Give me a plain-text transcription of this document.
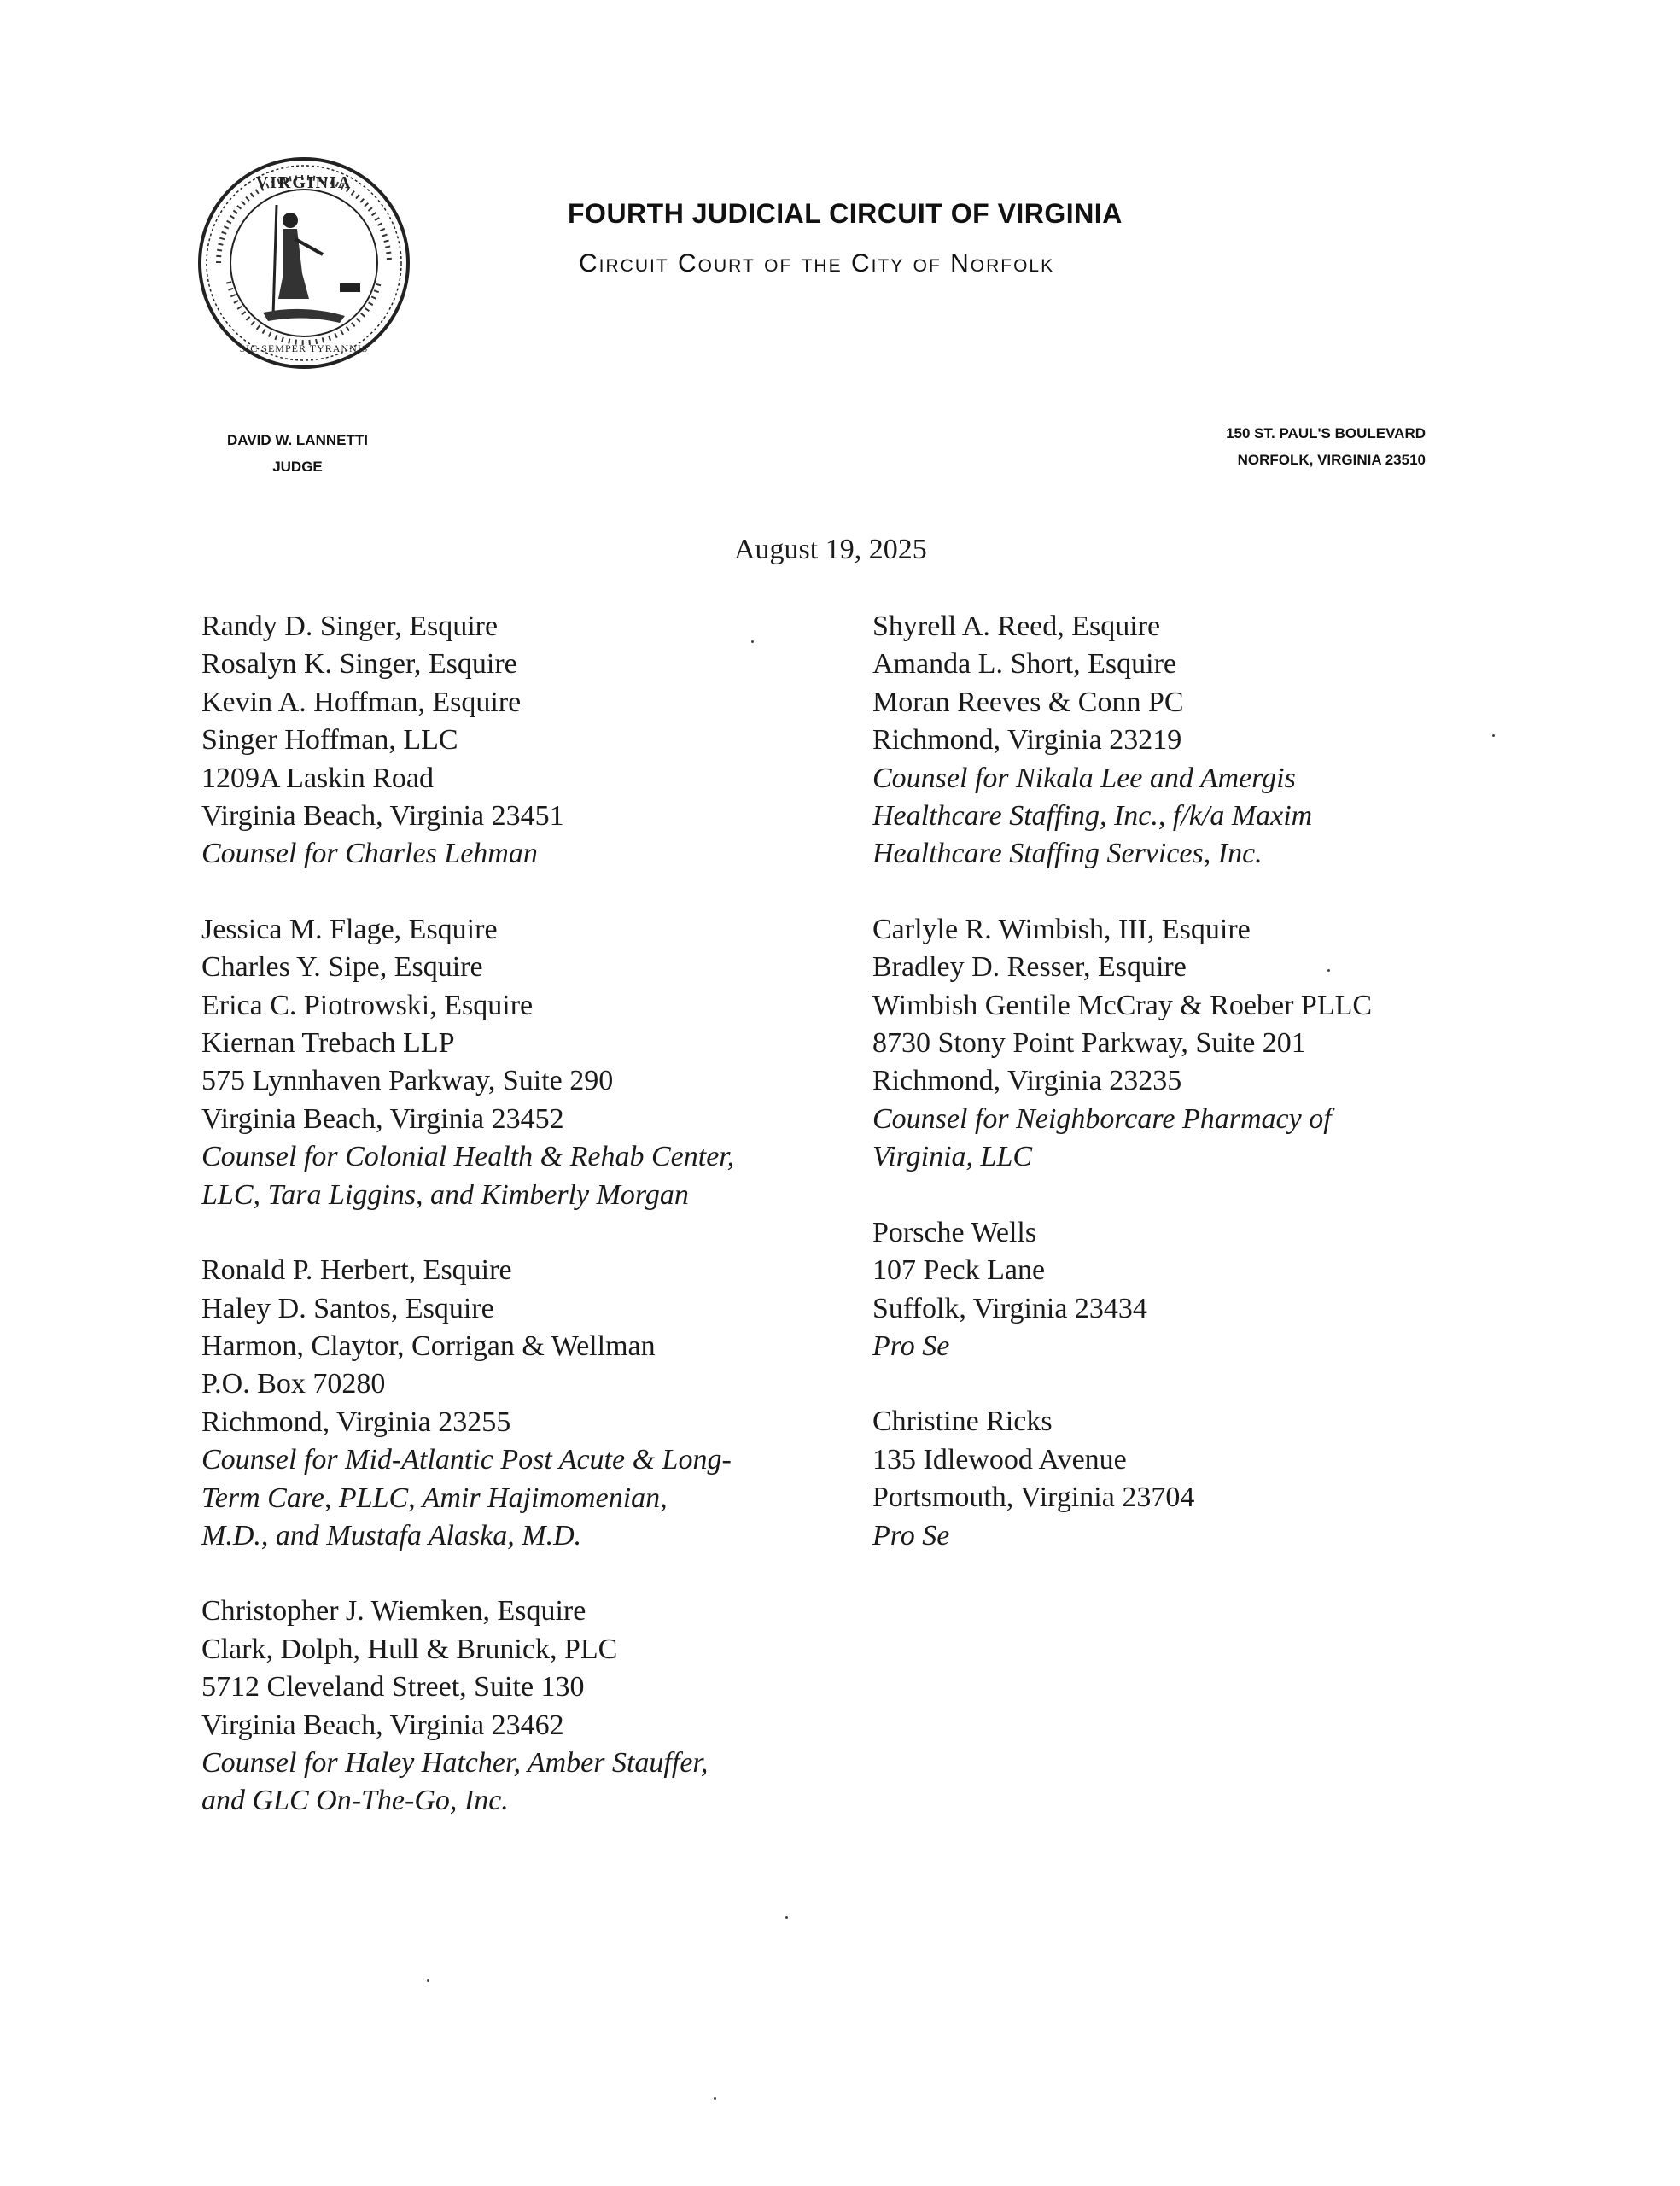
VIRGINIA
SIC SEMPER TYRANNIS
FOURTH JUDICIAL CIRCUIT OF VIRGINIA
Circuit Court of the City of Norfolk
DAVID W. LANNETTI
JUDGE
150 ST. PAUL'S BOULEVARD
NORFOLK, VIRGINIA 23510
August 19, 2025
Randy D. Singer, Esquire
Rosalyn K. Singer, Esquire
Kevin A. Hoffman, Esquire
Singer Hoffman, LLC
1209A Laskin Road
Virginia Beach, Virginia 23451
Counsel for Charles Lehman
Jessica M. Flage, Esquire
Charles Y. Sipe, Esquire
Erica C. Piotrowski, Esquire
Kiernan Trebach LLP
575 Lynnhaven Parkway, Suite 290
Virginia Beach, Virginia 23452
Counsel for Colonial Health & Rehab Center,
LLC, Tara Liggins, and Kimberly Morgan
Ronald P. Herbert, Esquire
Haley D. Santos, Esquire
Harmon, Claytor, Corrigan & Wellman
P.O. Box 70280
Richmond, Virginia 23255
Counsel for Mid-Atlantic Post Acute & Long-
Term Care, PLLC, Amir Hajimomenian,
M.D., and Mustafa Alaska, M.D.
Christopher J. Wiemken, Esquire
Clark, Dolph, Hull & Brunick, PLC
5712 Cleveland Street, Suite 130
Virginia Beach, Virginia 23462
Counsel for Haley Hatcher, Amber Stauffer,
and GLC On-The-Go, Inc.
Shyrell A. Reed, Esquire
Amanda L. Short, Esquire
Moran Reeves & Conn PC
Richmond, Virginia 23219
Counsel for Nikala Lee and Amergis
Healthcare Staffing, Inc., f/k/a Maxim
Healthcare Staffing Services, Inc.
Carlyle R. Wimbish, III, Esquire
Bradley D. Resser, Esquire
Wimbish Gentile McCray & Roeber PLLC
8730 Stony Point Parkway, Suite 201
Richmond, Virginia 23235
Counsel for Neighborcare Pharmacy of
Virginia, LLC
Porsche Wells
107 Peck Lane
Suffolk, Virginia 23434
Pro Se
Christine Ricks
135 Idlewood Avenue
Portsmouth, Virginia 23704
Pro Se
